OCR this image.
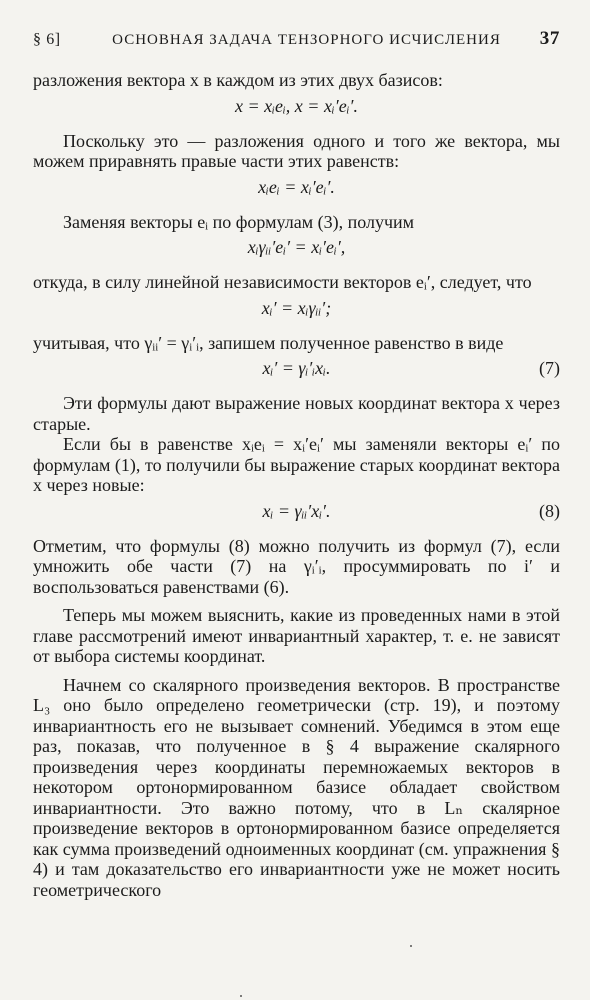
§ 6]	ОСНОВНАЯ ЗАДАЧА ТЕНЗОРНОГО ИСЧИСЛЕНИЯ	37

разложения вектора x в каждом из этих двух базисов:

x = xᵢeᵢ, x = xᵢ′eᵢ′.

Поскольку это — разложения одного и того же вектора, мы можем приравнять правые части этих равенств:

xᵢeᵢ = xᵢ′eᵢ′.

Заменяя векторы eᵢ по формулам (3), получим

xᵢγᵢᵢ′eᵢ′ = xᵢ′eᵢ′,

откуда, в силу линейной независимости векторов eᵢ′, следует, что

xᵢ′ = xᵢγᵢᵢ′;

учитывая, что γᵢᵢ′ = γᵢ′ᵢ, запишем полученное равенство в виде

xᵢ′ = γᵢ′ᵢxᵢ.	(7)

Эти формулы дают выражение новых координат вектора x через старые.

Если бы в равенстве xᵢeᵢ = xᵢ′eᵢ′ мы заменяли векторы eᵢ′ по формулам (1), то получили бы выражение старых координат вектора x через новые:

xᵢ = γᵢᵢ′xᵢ′.	(8)

Отметим, что формулы (8) можно получить из формул (7), если умножить обе части (7) на γᵢ′ᵢ, просуммировать по i′ и воспользоваться равенствами (6).

Теперь мы можем выяснить, какие из проведенных нами в этой главе рассмотрений имеют инвариантный характер, т. е. не зависят от выбора системы координат.

Начнем со скалярного произведения векторов. В пространстве L₃ оно было определено геометрически (стр. 19), и поэтому инвариантность его не вызывает сомнений. Убедимся в этом еще раз, показав, что полученное в § 4 выражение скалярного произведения через координаты перемножаемых векторов в некотором ортонормированном базисе обладает свойством инвариантности. Это важно потому, что в Lₙ скалярное произведение векторов в ортонормированном базисе определяется как сумма произведений одноименных координат (см. упражнения § 4) и там доказательство его инвариантности уже не может носить геометрического
